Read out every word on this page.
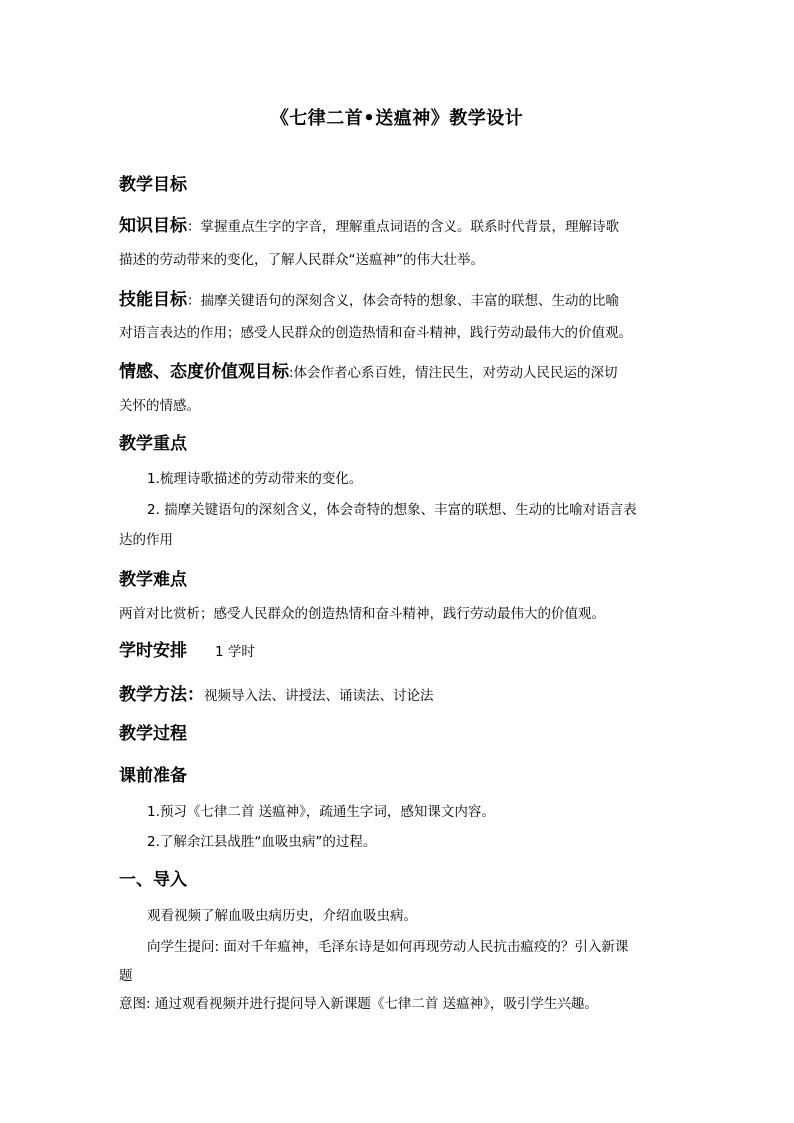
《七律二首•送瘟神》教学设计
教学目标
知识目标：掌握重点生字的字音，理解重点词语的含义。联系时代背景，理解诗歌
描述的劳动带来的变化，了解人民群众“送瘟神”的伟大壮举。
技能目标：揣摩关键语句的深刻含义，体会奇特的想象、丰富的联想、生动的比喻
对语言表达的作用；感受人民群众的创造热情和奋斗精神，践行劳动最伟大的价值观。
情感、态度价值观目标:体会作者心系百姓，情注民生，对劳动人民民运的深切
关怀的情感。
教学重点
1.梳理诗歌描述的劳动带来的变化。
2. 揣摩关键语句的深刻含义，体会奇特的想象、丰富的联想、生动的比喻对语言表
达的作用
教学难点
两首对比赏析；感受人民群众的创造热情和奋斗精神，践行劳动最伟大的价值观。
学时安排 1 学时
教学方法：视频导入法、讲授法、诵读法、讨论法
教学过程
课前准备
1.预习《七律二首 送瘟神》，疏通生字词，感知课文内容。
2.了解余江县战胜“血吸虫病”的过程。
一、导入
观看视频了解血吸虫病历史，介绍血吸虫病。
向学生提问: 面对千年瘟神，毛泽东诗是如何再现劳动人民抗击瘟疫的？引入新课
题
意图: 通过观看视频并进行提问导入新课题《七律二首 送瘟神》，吸引学生兴趣。
